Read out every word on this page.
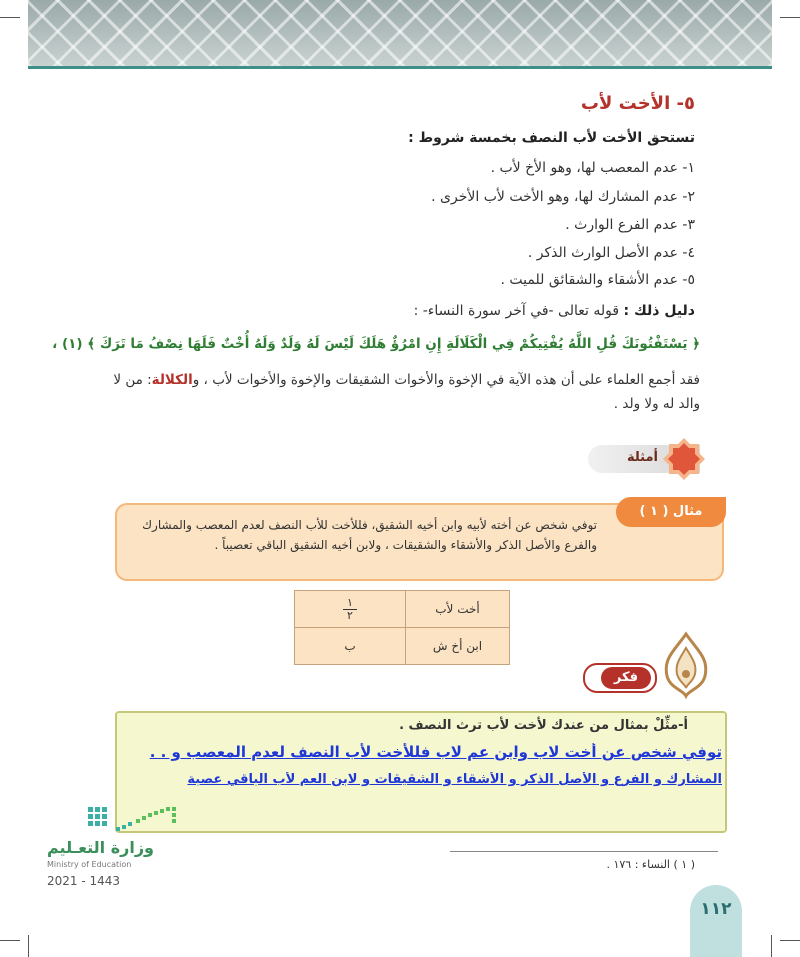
٥- الأخت لأب
تستحق الأخت لأب النصف بخمسة شروط :
١- عدم المعصب لها، وهو الأخ لأب .
٢- عدم المشارك لها، وهو الأخت لأب الأخرى .
٣- عدم الفرع الوارث .
٤- عدم الأصل الوارث الذكر .
٥- عدم الأشقاء والشقائق للميت .
دليل ذلك : قوله تعالى -في آخر سورة النساء- :
﴿ يَسْتَفْتُونَكَ قُلِ اللَّهُ يُفْتِيكُمْ فِي الْكَلَالَةِ إِنِ امْرُؤٌ هَلَكَ لَيْسَ لَهُ وَلَدٌ وَلَهُ أُخْتٌ فَلَهَا نِصْفُ مَا تَرَكَ ﴾ (١) ،
فقد أجمع العلماء على أن هذه الآية في الإخوة والأخوات الشقيقات والإخوة والأخوات لأب ، والكلالة: من لا والد له ولا ولد .
أمثلة
مثال ( ١ )
توفي شخص عن أخته لأبيه وابن أخيه الشقيق، فللأخت للأب النصف لعدم المعصب والمشارك والفرع والأصل الذكر والأشقاء والشقيقات ، ولابن أخيه الشقيق الباقي تعصيباً .
$\frac{١}{٢}$	أخت لأب
ب	ابن أخ ش
فكر
أ-مثِّلْ بمثال من عندك لأخت لأب ترث النصف .
توفي شخص عن أخت لاب وابن عم لاب فللأخت لأب النصف لعدم المعصب و . .
المشارك و الفرع و الأصل الذكر و الأشقاء و الشقيقات و لابن العم لأب الباقي عصبة
وزارة التعـليم
Ministry of Education
2021 - 1443
( ١ ) النساء : ١٧٦ .
١١٢
